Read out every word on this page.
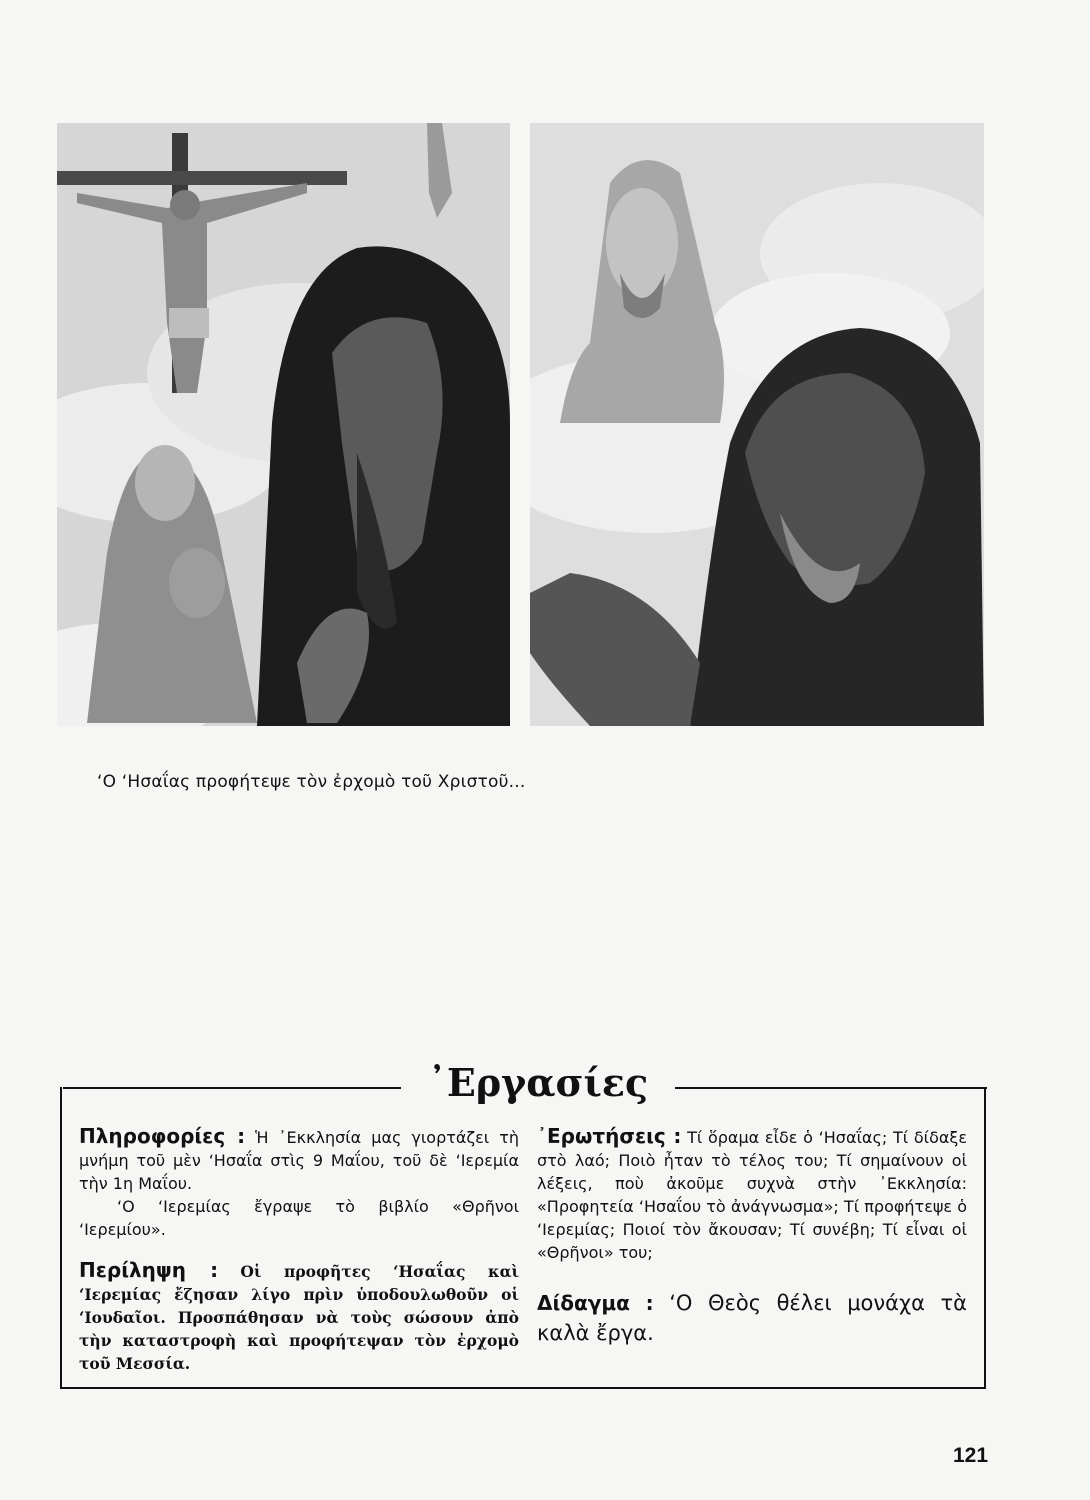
‘Ο ‘Ησαΐας προφήτεψε τὸν ἐρχομὸ τοῦ Χριστοῦ...
᾿Εργασίες

Πληροφορίες : Ἡ ᾿Εκκλησία μας γιορτάζει τὴ μνήμη τοῦ μὲν ‘Ησαΐα στὶς 9 Μαΐου, τοῦ δὲ ‘Ιερεμία τὴν 1η Μαΐου.

‘Ο ‘Ιερεμίας ἔγραψε τὸ βιβλίο «Θρῆνοι ‘Ιερεμίου».

Περίληψη : Οἱ προφῆτες ‘Ησαΐας καὶ ‘Ιερεμίας ἔζησαν λίγο πρὶν ὑποδουλωθοῦν οἱ ‘Ιουδαῖοι. Προσπάθησαν νὰ τοὺς σώσουν ἀπὸ τὴν καταστροφὴ καὶ προφήτεψαν τὸν ἐρχομὸ τοῦ Μεσσία.

᾿Ερωτήσεις : Τί ὅραμα εἶδε ὁ ‘Ησαΐας; Τί δίδαξε στὸ λαό; Ποιὸ ἦταν τὸ τέλος του; Τί σημαίνουν οἱ λέξεις, ποὺ ἀκοῦμε συχνὰ στὴν ᾿Εκκλησία: «Προφητεία ‘Ησαΐου τὸ ἀνάγνωσμα»; Τί προφήτεψε ὁ ‘Ιερεμίας; Ποιοί τὸν ἄκουσαν; Τί συνέβη; Τί εἶναι οἱ «Θρῆνοι» του;

Δίδαγμα : ‘Ο Θεὸς θέλει μονάχα τὰ καλὰ ἔργα.

121
